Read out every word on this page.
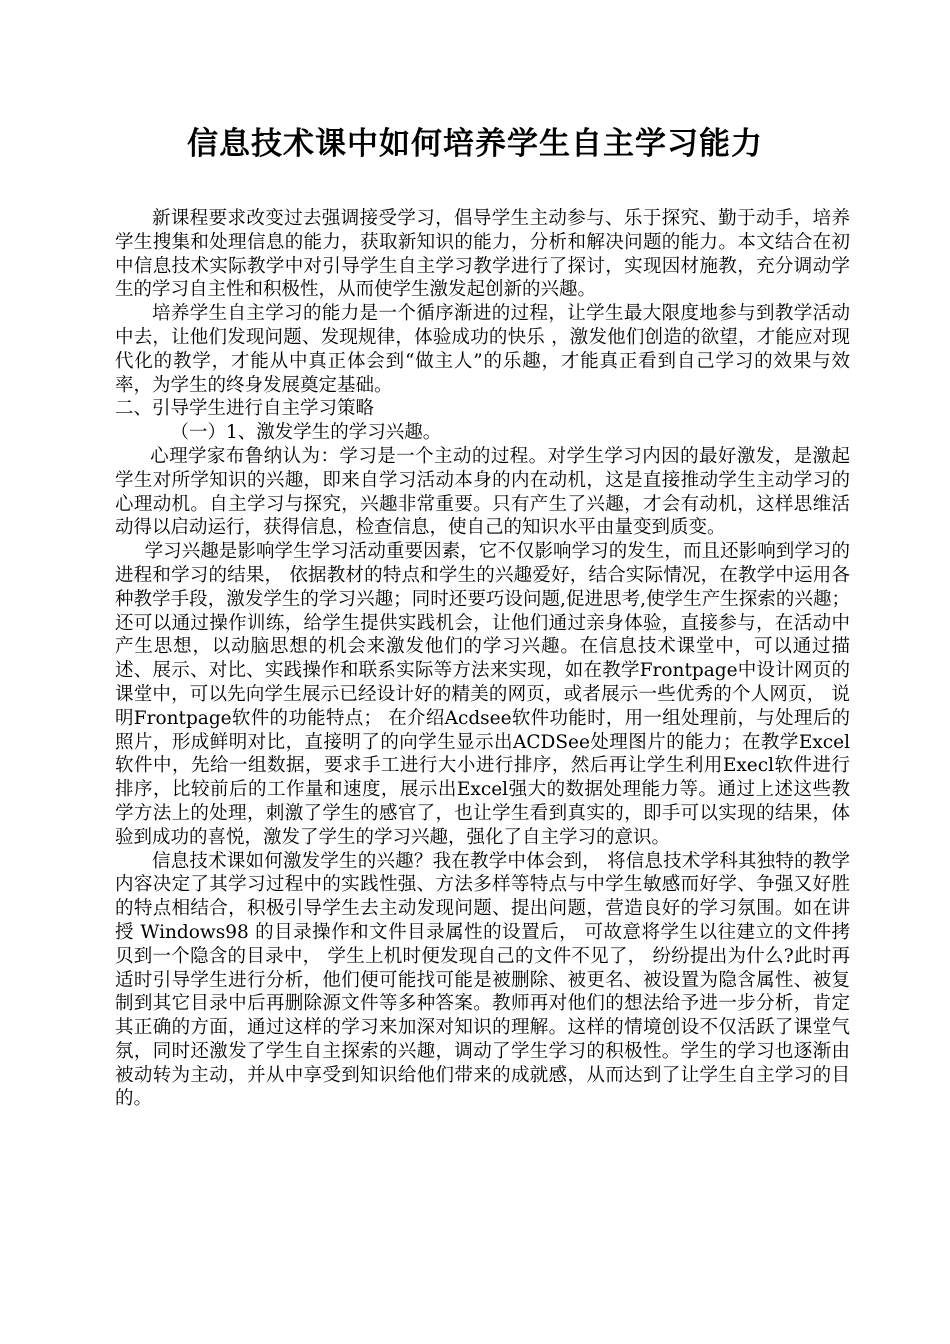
信息技术课中如何培养学生自主学习能力

新课程要求改变过去强调接受学习，倡导学生主动参与、乐于探究、勤于动手，培养学生搜集和处理信息的能力，获取新知识的能力，分析和解决问题的能力。本文结合在初中信息技术实际教学中对引导学生自主学习教学进行了探讨，实现因材施教，充分调动学生的学习自主性和积极性，从而使学生激发起创新的兴趣。

培养学生自主学习的能力是一个循序渐进的过程，让学生最大限度地参与到教学活动中去，让他们发现问题、发现规律，体验成功的快乐 ，激发他们创造的欲望，才能应对现代化的教学，才能从中真正体会到“做主人”的乐趣，才能真正看到自己学习的效果与效率，为学生的终身发展奠定基础。

二、引导学生进行自主学习策略

（一）1、激发学生的学习兴趣。

心理学家布鲁纳认为：学习是一个主动的过程。对学生学习内因的最好激发，是激起学生对所学知识的兴趣，即来自学习活动本身的内在动机，这是直接推动学生主动学习的心理动机。自主学习与探究，兴趣非常重要。只有产生了兴趣，才会有动机，这样思维活动得以启动运行，获得信息，检查信息，使自己的知识水平由量变到质变。

学习兴趣是影响学生学习活动重要因素，它不仅影响学习的发生，而且还影响到学习的进程和学习的结果， 依据教材的特点和学生的兴趣爱好，结合实际情况，在教学中运用各种教学手段，激发学生的学习兴趣；同时还要巧设问题,促进思考,使学生产生探索的兴趣；还可以通过操作训练，给学生提供实践机会，让他们通过亲身体验，直接参与，在活动中产生思想，以动脑思想的机会来激发他们的学习兴趣。在信息技术课堂中，可以通过描述、展示、对比、实践操作和联系实际等方法来实现，如在教学Frontpage中设计网页的课堂中，可以先向学生展示已经设计好的精美的网页，或者展示一些优秀的个人网页， 说明Frontpage软件的功能特点； 在介绍Acdsee软件功能时，用一组处理前，与处理后的照片，形成鲜明对比，直接明了的向学生显示出ACDSee处理图片的能力；在教学Excel软件中，先给一组数据，要求手工进行大小进行排序，然后再让学生利用Execl软件进行排序，比较前后的工作量和速度，展示出Excel强大的数据处理能力等。通过上述这些教学方法上的处理，刺激了学生的感官了，也让学生看到真实的，即手可以实现的结果，体验到成功的喜悦，激发了学生的学习兴趣，强化了自主学习的意识。

信息技术课如何激发学生的兴趣？我在教学中体会到， 将信息技术学科其独特的教学内容决定了其学习过程中的实践性强、方法多样等特点与中学生敏感而好学、争强又好胜的特点相结合，积极引导学生去主动发现问题、提出问题，营造良好的学习氛围。如在讲授 Windows98 的目录操作和文件目录属性的设置后， 可故意将学生以往建立的文件拷贝到一个隐含的目录中， 学生上机时便发现自己的文件不见了， 纷纷提出为什么?此时再适时引导学生进行分析，他们便可能找可能是被删除、被更名、被设置为隐含属性、被复制到其它目录中后再删除源文件等多种答案。教师再对他们的想法给予进一步分析，肯定其正确的方面，通过这样的学习来加深对知识的理解。这样的情境创设不仅活跃了课堂气氛，同时还激发了学生自主探索的兴趣，调动了学生学习的积极性。学生的学习也逐渐由被动转为主动，并从中享受到知识给他们带来的成就感，从而达到了让学生自主学习的目的。
